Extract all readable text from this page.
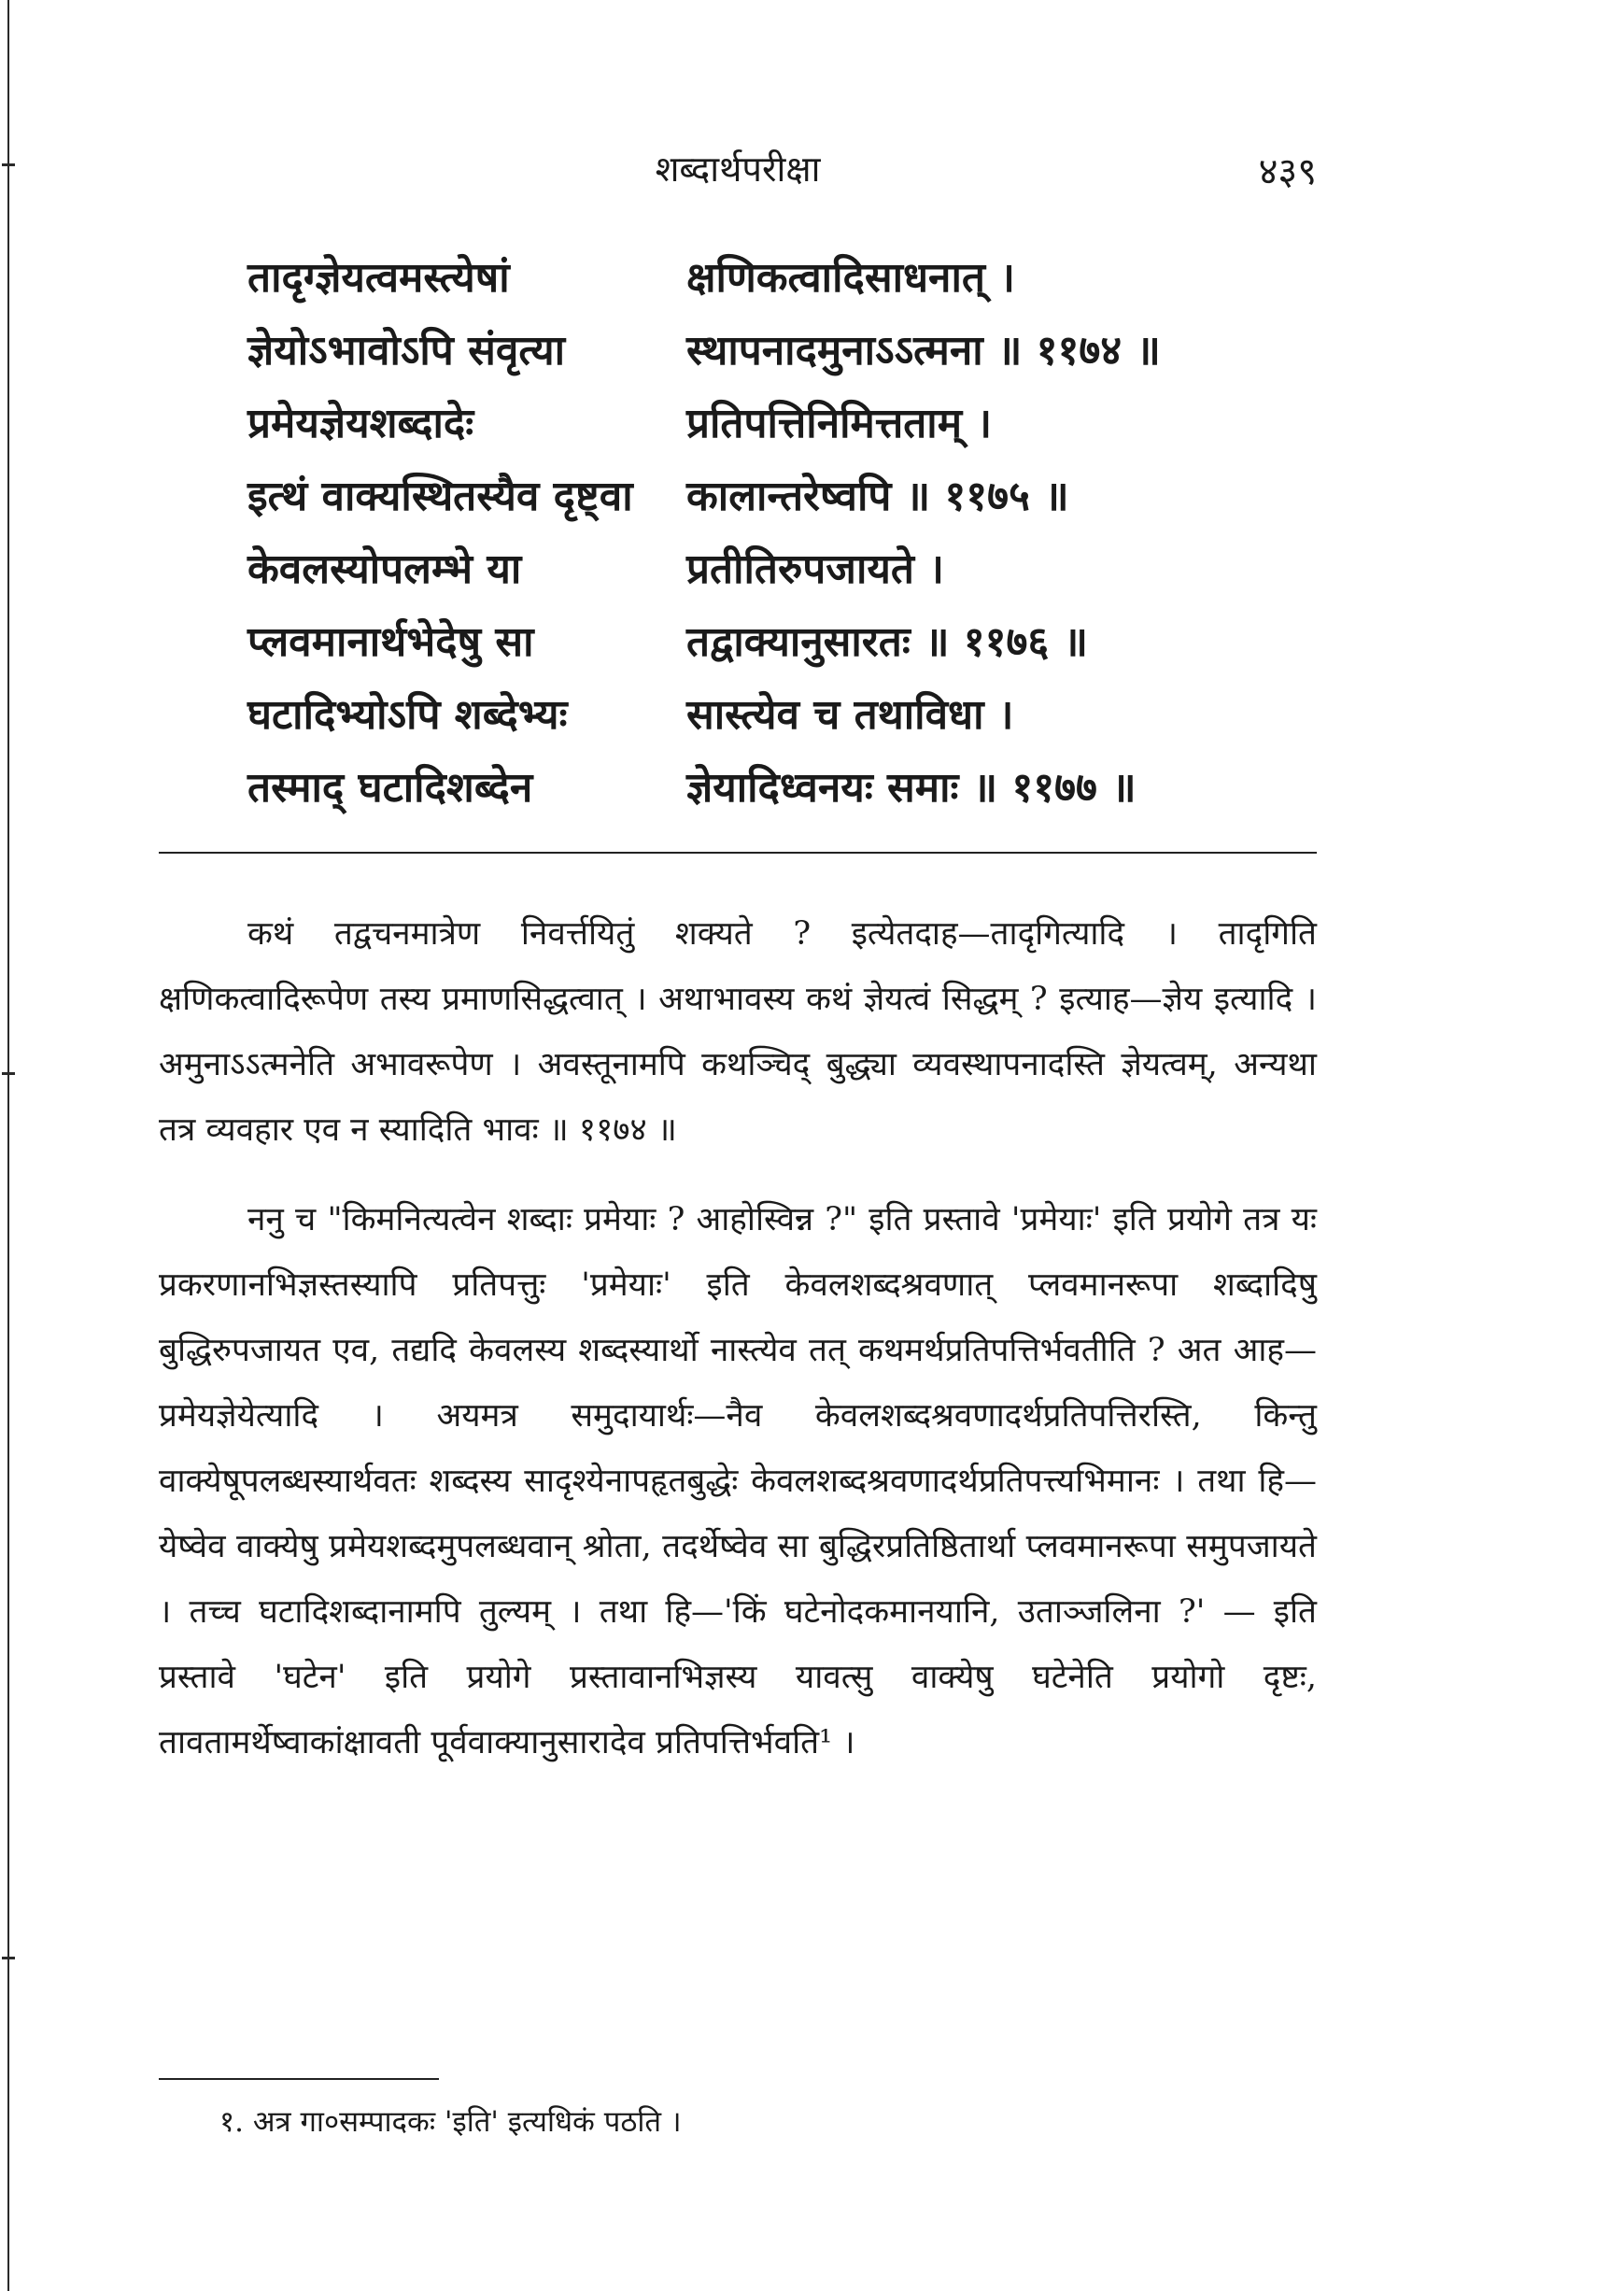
शब्दार्थपरीक्षा	४३९
तादृग्ज्ञेयत्वमस्त्येषां	क्षणिकत्वादिसाधनात् ।
ज्ञेयोऽभावोऽपि संवृत्या	स्थापनादमुनाऽऽत्मना ॥ ११७४ ॥
प्रमेयज्ञेयशब्दादेः	प्रतिपत्तिनिमित्तताम् ।
इत्थं वाक्यस्थितस्यैव दृष्ट्वा	कालान्तरेष्वपि ॥ ११७५ ॥
केवलस्योपलम्भे या	प्रतीतिरुपजायते ।
प्लवमानार्थभेदेषु सा	तद्वाक्यानुसारतः ॥ ११७६ ॥
घटादिभ्योऽपि शब्देभ्यः	सास्त्येव च तथाविधा ।
तस्माद् घटादिशब्देन	ज्ञेयादिध्वनयः समाः ॥ ११७७ ॥

कथं तद्वचनमात्रेण निवर्त्तयितुं शक्यते ? इत्येतदाह—तादृगित्यादि । तादृगिति क्षणिकत्वादिरूपेण तस्य प्रमाणसिद्धत्वात् । अथाभावस्य कथं ज्ञेयत्वं सिद्धम् ? इत्याह—ज्ञेय इत्यादि । अमुनाऽऽत्मनेति अभावरूपेण । अवस्तूनामपि कथञ्चिद् बुद्ध्या व्यवस्थापनादस्ति ज्ञेयत्वम्, अन्यथा तत्र व्यवहार एव न स्यादिति भावः ॥ ११७४ ॥

ननु च "किमनित्यत्वेन शब्दाः प्रमेयाः ? आहोस्विन्न ?" इति प्रस्तावे 'प्रमेयाः' इति प्रयोगे तत्र यः प्रकरणानभिज्ञस्तस्यापि प्रतिपत्तुः 'प्रमेयाः' इति केवलशब्दश्रवणात् प्लवमानरूपा शब्दादिषु बुद्धिरुपजायत एव, तद्यदि केवलस्य शब्दस्यार्थो नास्त्येव तत् कथमर्थप्रतिपत्तिर्भवतीति ? अत आह—प्रमेयज्ञेयेत्यादि । अयमत्र समुदायार्थः—नैव केवलशब्दश्रवणादर्थप्रतिपत्तिरस्ति, किन्तु वाक्येषूपलब्धस्यार्थवतः शब्दस्य सादृश्येनापहृतबुद्धेः केवलशब्दश्रवणादर्थप्रतिपत्त्यभिमानः । तथा हि—येष्वेव वाक्येषु प्रमेयशब्दमुपलब्धवान् श्रोता, तदर्थेष्वेव सा बुद्धिरप्रतिष्ठितार्था प्लवमानरूपा समुपजायते । तच्च घटादिशब्दानामपि तुल्यम् । तथा हि—'किं घटेनोदकमानयानि, उताञ्जलिना ?' — इति प्रस्तावे 'घटेन' इति प्रयोगे प्रस्तावानभिज्ञस्य यावत्सु वाक्येषु घटेनेति प्रयोगो दृष्टः, तावतामर्थेष्वाकांक्षावती पूर्ववाक्यानुसारादेव प्रतिपत्तिर्भवति¹ ।

१. अत्र गा०सम्पादकः 'इति' इत्यधिकं पठति ।
